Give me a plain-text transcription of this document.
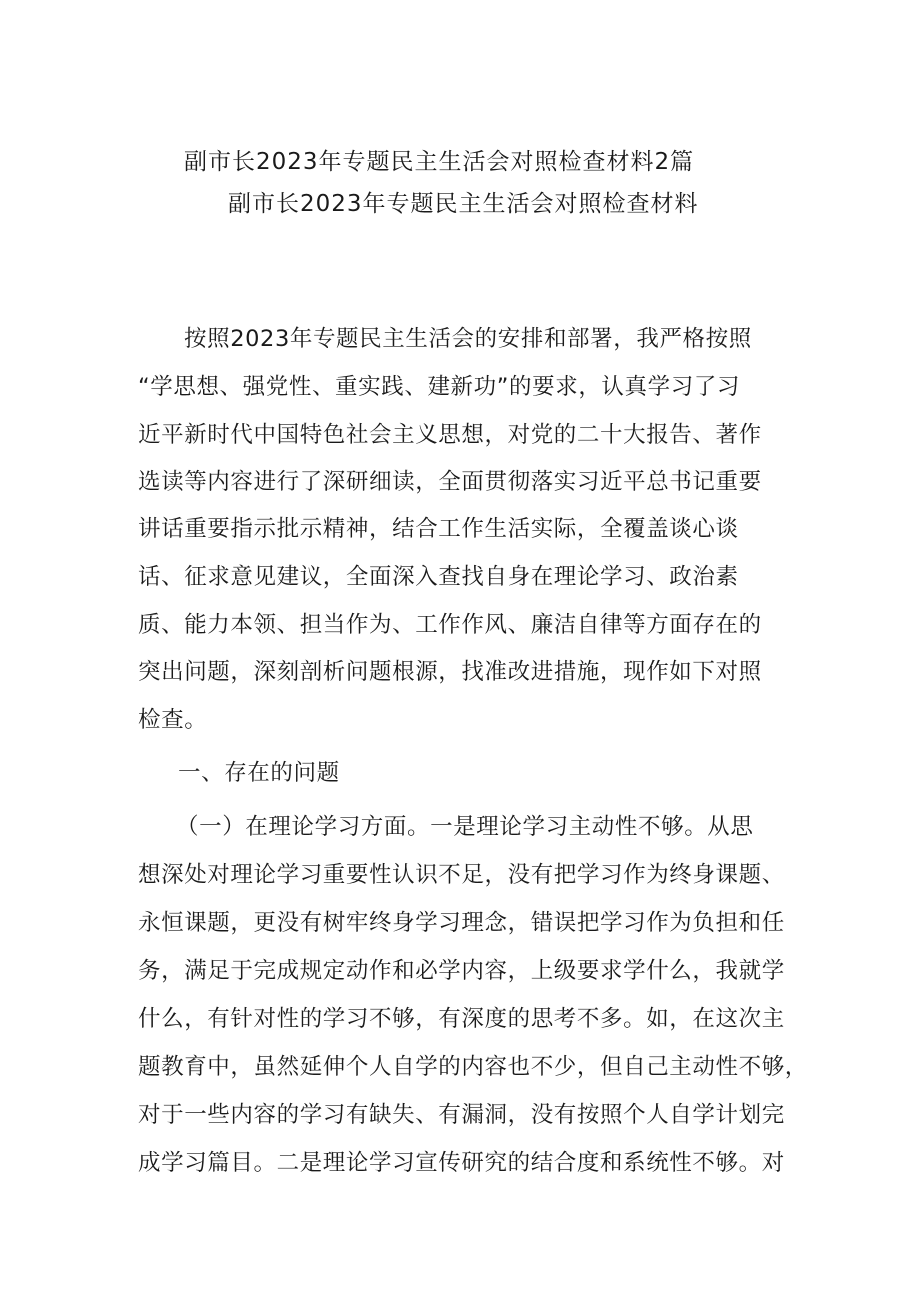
副市长2023年专题民主生活会对照检查材料2篇
副市长2023年专题民主生活会对照检查材料
按照2023年专题民主生活会的安排和部署，我严格按照
“学思想、强党性、重实践、建新功”的要求，认真学习了习
近平新时代中国特色社会主义思想，对党的二十大报告、著作
选读等内容进行了深研细读，全面贯彻落实习近平总书记重要
讲话重要指示批示精神，结合工作生活实际，全覆盖谈心谈
话、征求意见建议，全面深入查找自身在理论学习、政治素
质、能力本领、担当作为、工作作风、廉洁自律等方面存在的
突出问题，深刻剖析问题根源，找准改进措施，现作如下对照
检查。
一、存在的问题
（一）在理论学习方面。一是理论学习主动性不够。从思
想深处对理论学习重要性认识不足，没有把学习作为终身课题、
永恒课题，更没有树牢终身学习理念，错误把学习作为负担和任
务，满足于完成规定动作和必学内容，上级要求学什么，我就学
什么，有针对性的学习不够，有深度的思考不多。如，在这次主
题教育中，虽然延伸个人自学的内容也不少，但自己主动性不够，
对于一些内容的学习有缺失、有漏洞，没有按照个人自学计划完
成学习篇目。二是理论学习宣传研究的结合度和系统性不够。对
